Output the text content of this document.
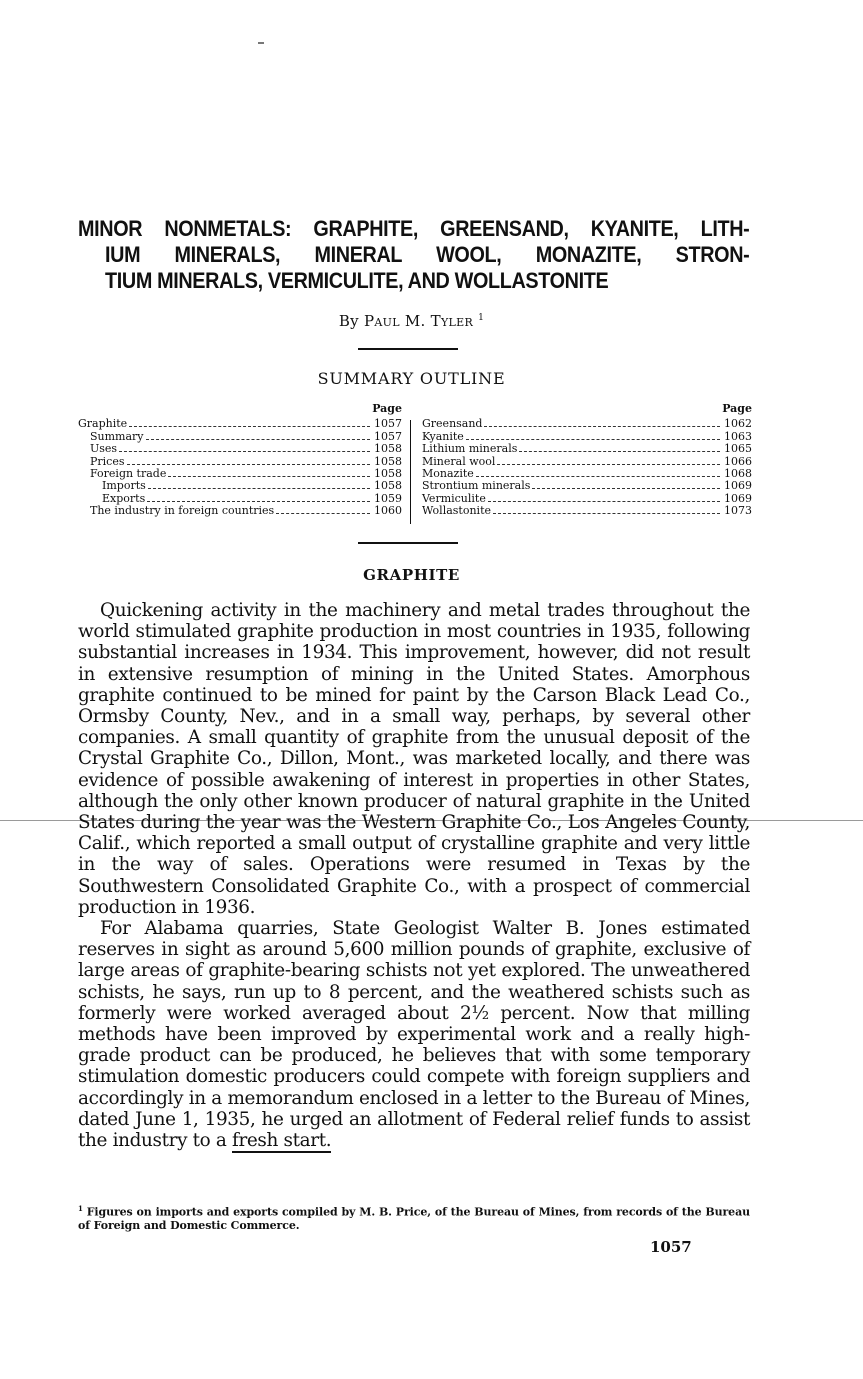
MINOR NONMETALS: GRAPHITE, GREENSAND, KYANITE, LITH-
IUM MINERALS, MINERAL WOOL, MONAZITE, STRON-
TIUM MINERALS, VERMICULITE, AND WOLLASTONITE
By Paul M. Tyler $^1$
SUMMARY OUTLINE
Page
Graphite	1057
Summary	1057
Uses	1058
Prices	1058
Foreign trade	1058
Imports	1058
Exports	1059
The industry in foreign countries	1060
Page
Greensand	1062
Kyanite	1063
Lithium minerals	1065
Mineral wool	1066
Monazite	1068
Strontium minerals	1069
Vermiculite	1069
Wollastonite	1073
GRAPHITE

Quickening activity in the machinery and metal trades throughout the world stimulated graphite production in most countries in 1935, following substantial increases in 1934. This improvement, however, did not result in extensive resumption of mining in the United States. Amorphous graphite continued to be mined for paint by the Carson Black Lead Co., Ormsby County, Nev., and in a small way, perhaps, by several other companies. A small quantity of graphite from the unusual deposit of the Crystal Graphite Co., Dillon, Mont., was marketed locally, and there was evidence of possible awakening of interest in properties in other States, although the only other known producer of natural graphite in the United States during the year was the Western Graphite Co., Los Angeles County, Calif., which reported a small output of crystalline graphite and very little in the way of sales. Operations were resumed in Texas by the Southwestern Consolidated Graphite Co., with a prospect of commercial production in 1936.

For Alabama quarries, State Geologist Walter B. Jones estimated reserves in sight as around 5,600 million pounds of graphite, exclusive of large areas of graphite-bearing schists not yet explored. The unweathered schists, he says, run up to 8 percent, and the weathered schists such as formerly were worked averaged about 2½ percent. Now that milling methods have been improved by experimental work and a really high-grade product can be produced, he believes that with some temporary stimulation domestic producers could compete with foreign suppliers and accordingly in a memorandum enclosed in a letter to the Bureau of Mines, dated June 1, 1935, he urged an allotment of Federal relief funds to assist the industry to a fresh start.

$^1$ Figures on imports and exports compiled by M. B. Price, of the Bureau of Mines, from records of the Bureau of Foreign and Domestic Commerce.
1057
